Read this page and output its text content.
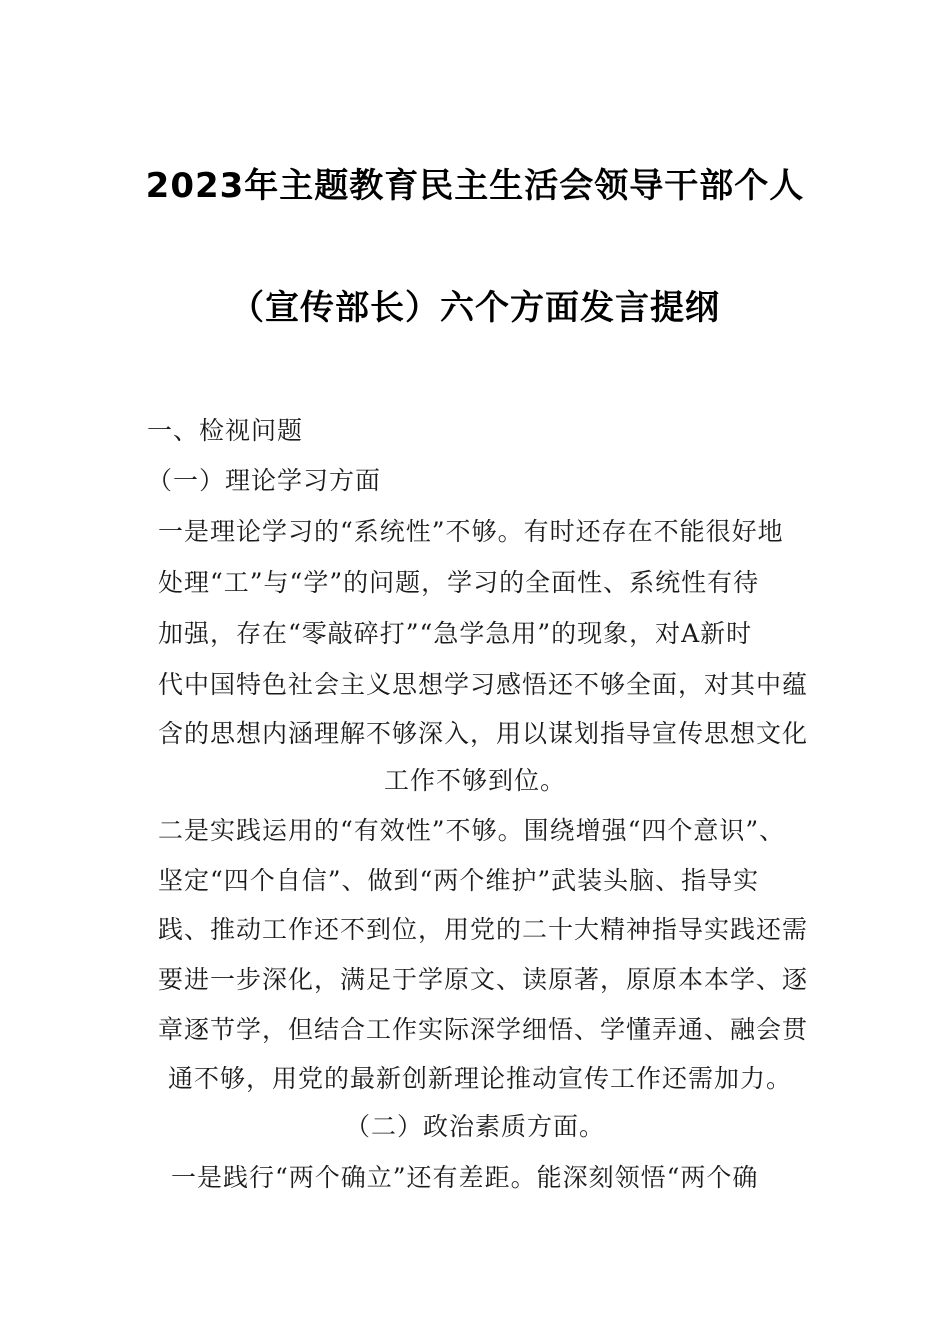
2023年主题教育民主生活会领导干部个人
（宣传部长）六个方面发言提纲
一、检视问题
（一）理论学习方面
一是理论学习的“系统性”不够。有时还存在不能很好地
处理“工”与“学”的问题，学习的全面性、系统性有待
加强，存在“零敲碎打”“急学急用”的现象，对A新时
代中国特色社会主义思想学习感悟还不够全面，对其中蕴
含的思想内涵理解不够深入，用以谋划指导宣传思想文化
工作不够到位。
二是实践运用的“有效性”不够。围绕增强“四个意识”、
坚定“四个自信”、做到“两个维护”武装头脑、指导实
践、推动工作还不到位，用党的二十大精神指导实践还需
要进一步深化，满足于学原文、读原著，原原本本学、逐
章逐节学，但结合工作实际深学细悟、学懂弄通、融会贯
通不够，用党的最新创新理论推动宣传工作还需加力。
（二）政治素质方面。
一是践行“两个确立”还有差距。能深刻领悟“两个确
